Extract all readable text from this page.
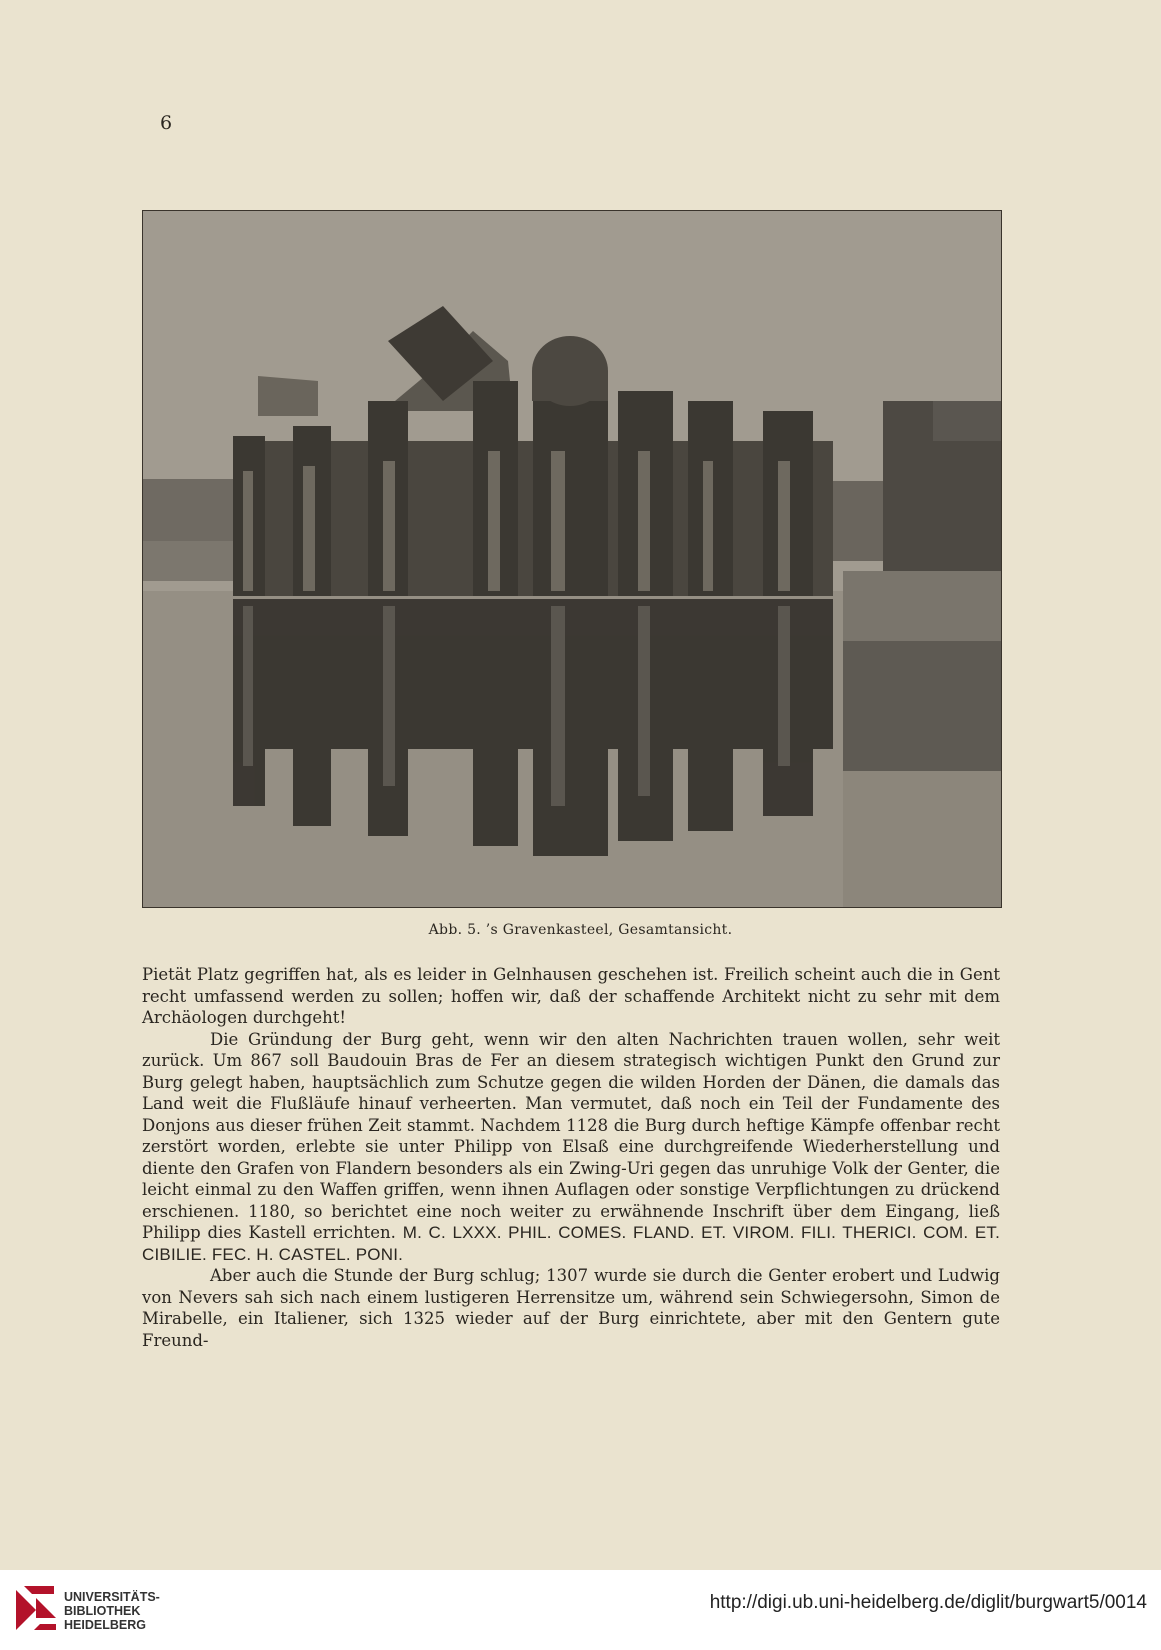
6
Abb. 5. ’s Gravenkasteel, Gesamtansicht.

Pietät Platz gegriffen hat, als es leider in Gelnhausen geschehen ist. Freilich scheint auch die in Gent recht umfassend werden zu sollen; hoffen wir, daß der schaffende Architekt nicht zu sehr mit dem Archäologen durchgeht!

Die Gründung der Burg geht, wenn wir den alten Nachrichten trauen wollen, sehr weit zurück. Um 867 soll Baudouin Bras de Fer an diesem strategisch wichtigen Punkt den Grund zur Burg gelegt haben, hauptsächlich zum Schutze gegen die wilden Horden der Dänen, die damals das Land weit die Flußläufe hinauf verheerten. Man vermutet, daß noch ein Teil der Fundamente des Donjons aus dieser frühen Zeit stammt. Nachdem 1128 die Burg durch heftige Kämpfe offenbar recht zerstört worden, erlebte sie unter Philipp von Elsaß eine durchgreifende Wiederherstellung und diente den Grafen von Flandern besonders als ein Zwing-Uri gegen das unruhige Volk der Genter, die leicht einmal zu den Waffen griffen, wenn ihnen Auflagen oder sonstige Verpflichtungen zu drückend erschienen. 1180, so berichtet eine noch weiter zu erwähnende Inschrift über dem Eingang, ließ Philipp dies Kastell errichten. M. C. LXXX. PHIL. COMES. FLAND. ET. VIROM. FILI. THERICI. COM. ET. CIBILIE. FEC. H. CASTEL. PONI.

Aber auch die Stunde der Burg schlug; 1307 wurde sie durch die Genter erobert und Ludwig von Nevers sah sich nach einem lustigeren Herrensitze um, während sein Schwiegersohn, Simon de Mirabelle, ein Italiener, sich 1325 wieder auf der Burg einrichtete, aber mit den Gentern gute Freund-

UNIVERSITÄTS-
BIBLIOTHEK
HEIDELBERG
http://digi.ub.uni-heidelberg.de/diglit/burgwart5/0014
